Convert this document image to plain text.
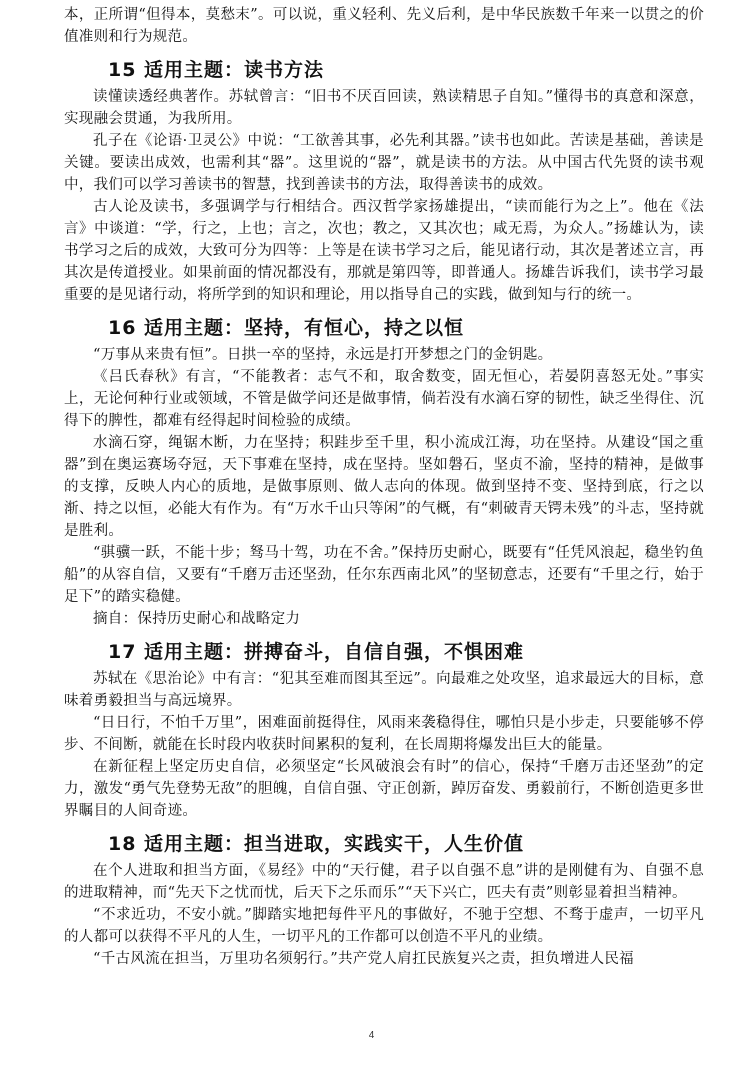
本，正所谓“但得本，莫愁末”。可以说，重义轻利、先义后利，是中华民族数千年来一以贯之的价值准则和行为规范。

15 适用主题：读书方法

读懂读透经典著作。苏轼曾言：“旧书不厌百回读，熟读精思子自知。”懂得书的真意和深意，实现融会贯通，为我所用。

孔子在《论语·卫灵公》中说：“工欲善其事，必先利其器。”读书也如此。苦读是基础，善读是关键。要读出成效，也需利其“器”。这里说的“器”，就是读书的方法。从中国古代先贤的读书观中，我们可以学习善读书的智慧，找到善读书的方法，取得善读书的成效。

古人论及读书，多强调学与行相结合。西汉哲学家扬雄提出，“读而能行为之上”。他在《法言》中谈道：“学，行之，上也；言之，次也；教之，又其次也；咸无焉，为众人。”扬雄认为，读书学习之后的成效，大致可分为四等：上等是在读书学习之后，能见诸行动，其次是著述立言，再其次是传道授业。如果前面的情况都没有，那就是第四等，即普通人。扬雄告诉我们，读书学习最重要的是见诸行动，将所学到的知识和理论，用以指导自己的实践，做到知与行的统一。

16 适用主题：坚持，有恒心，持之以恒

“万事从来贵有恒”。日拱一卒的坚持，永远是打开梦想之门的金钥匙。

《吕氏春秋》有言，“不能教者：志气不和，取舍数变，固无恒心，若晏阴喜怒无处。”事实上，无论何种行业或领域，不管是做学问还是做事情，倘若没有水滴石穿的韧性，缺乏坐得住、沉得下的脾性，都难有经得起时间检验的成绩。

水滴石穿，绳锯木断，力在坚持；积跬步至千里，积小流成江海，功在坚持。从建设“国之重器”到在奥运赛场夺冠，天下事难在坚持，成在坚持。坚如磐石，坚贞不渝，坚持的精神，是做事的支撑，反映人内心的质地，是做事原则、做人志向的体现。做到坚持不变、坚持到底，行之以渐、持之以恒，必能大有作为。有“万水千山只等闲”的气概，有“刺破青天锷未残”的斗志，坚持就是胜利。

“骐骥一跃，不能十步；驽马十驾，功在不舍。”保持历史耐心，既要有“任凭风浪起，稳坐钓鱼船”的从容自信，又要有“千磨万击还坚劲，任尔东西南北风”的坚韧意志，还要有“千里之行，始于足下”的踏实稳健。

摘自：保持历史耐心和战略定力

17 适用主题：拼搏奋斗，自信自强，不惧困难

苏轼在《思治论》中有言：“犯其至难而图其至远”。向最难之处攻坚，追求最远大的目标，意味着勇毅担当与高远境界。

“日日行，不怕千万里”，困难面前挺得住，风雨来袭稳得住，哪怕只是小步走，只要能够不停步、不间断，就能在长时段内收获时间累积的复利，在长周期将爆发出巨大的能量。

在新征程上坚定历史自信，必须坚定“长风破浪会有时”的信心，保持“千磨万击还坚劲”的定力，激发“勇气先登势无敌”的胆魄，自信自强、守正创新，踔厉奋发、勇毅前行，不断创造更多世界瞩目的人间奇迹。

18 适用主题：担当进取，实践实干，人生价值

在个人进取和担当方面，《易经》中的“天行健，君子以自强不息”讲的是刚健有为、自强不息的进取精神，而“先天下之忧而忧，后天下之乐而乐”“天下兴亡，匹夫有责”则彰显着担当精神。

“不求近功，不安小就。”脚踏实地把每件平凡的事做好，不驰于空想、不骛于虚声，一切平凡的人都可以获得不平凡的人生，一切平凡的工作都可以创造不平凡的业绩。

“千古风流在担当，万里功名须躬行。”共产党人肩扛民族复兴之责，担负增进人民福

4
